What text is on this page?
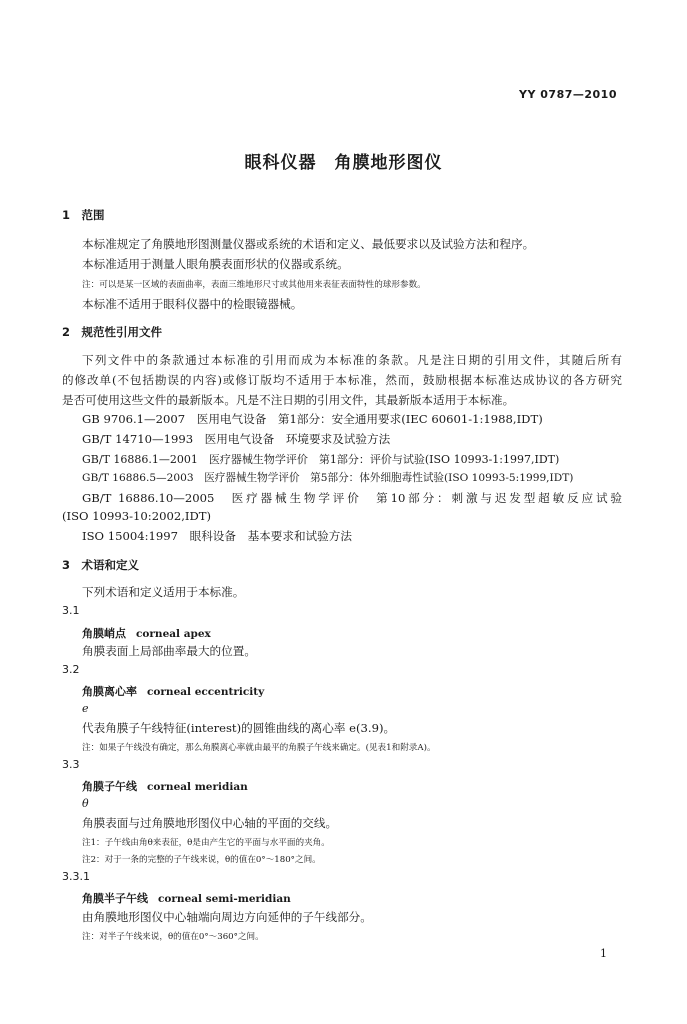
YY 0787—2010
眼科仪器　角膜地形图仪
1　范围
本标准规定了角膜地形图测量仪器或系统的术语和定义、最低要求以及试验方法和程序。
本标准适用于测量人眼角膜表面形状的仪器或系统。
注：可以是某一区域的表面曲率，表面三维地形尺寸或其他用来表征表面特性的球形参数。
本标准不适用于眼科仪器中的检眼镜器械。
2　规范性引用文件
下列文件中的条款通过本标准的引用而成为本标准的条款。凡是注日期的引用文件，其随后所有
的修改单(不包括勘误的内容)或修订版均不适用于本标准，然而，鼓励根据本标准达成协议的各方研究
是否可使用这些文件的最新版本。凡是不注日期的引用文件，其最新版本适用于本标准。
GB 9706.1—2007　医用电气设备　第1部分：安全通用要求(IEC 60601-1:1988,IDT)
GB/T 14710—1993　医用电气设备　环境要求及试验方法
GB/T 16886.1—2001　医疗器械生物学评价　第1部分：评价与试验(ISO 10993-1:1997,IDT)
GB/T 16886.5—2003　医疗器械生物学评价　第5部分：体外细胞毒性试验(ISO 10993-5:1999,IDT)
GB/T 16886.10—2005　医疗器械生物学评价　第10部分：刺激与迟发型超敏反应试验
(ISO 10993-10:2002,IDT)
ISO 15004:1997　眼科设备　基本要求和试验方法
3　术语和定义
下列术语和定义适用于本标准。
3.1
角膜峭点 corneal apex
角膜表面上局部曲率最大的位置。
3.2
角膜离心率 corneal eccentricity
e
代表角膜子午线特征(interest)的圆锥曲线的离心率 e(3.9)。
注：如果子午线没有确定，那么角膜离心率就由最平的角膜子午线来确定。(见表1和附录A)。
3.3
角膜子午线 corneal meridian
θ
角膜表面与过角膜地形图仪中心轴的平面的交线。
注1：子午线由角θ来表征，θ是由产生它的平面与水平面的夹角。
注2：对于一条的完整的子午线来说，θ的值在0°～180°之间。
3.3.1
角膜半子午线 corneal semi-meridian
由角膜地形图仪中心轴端向周边方向延伸的子午线部分。
注：对半子午线来说，θ的值在0°～360°之间。
1
